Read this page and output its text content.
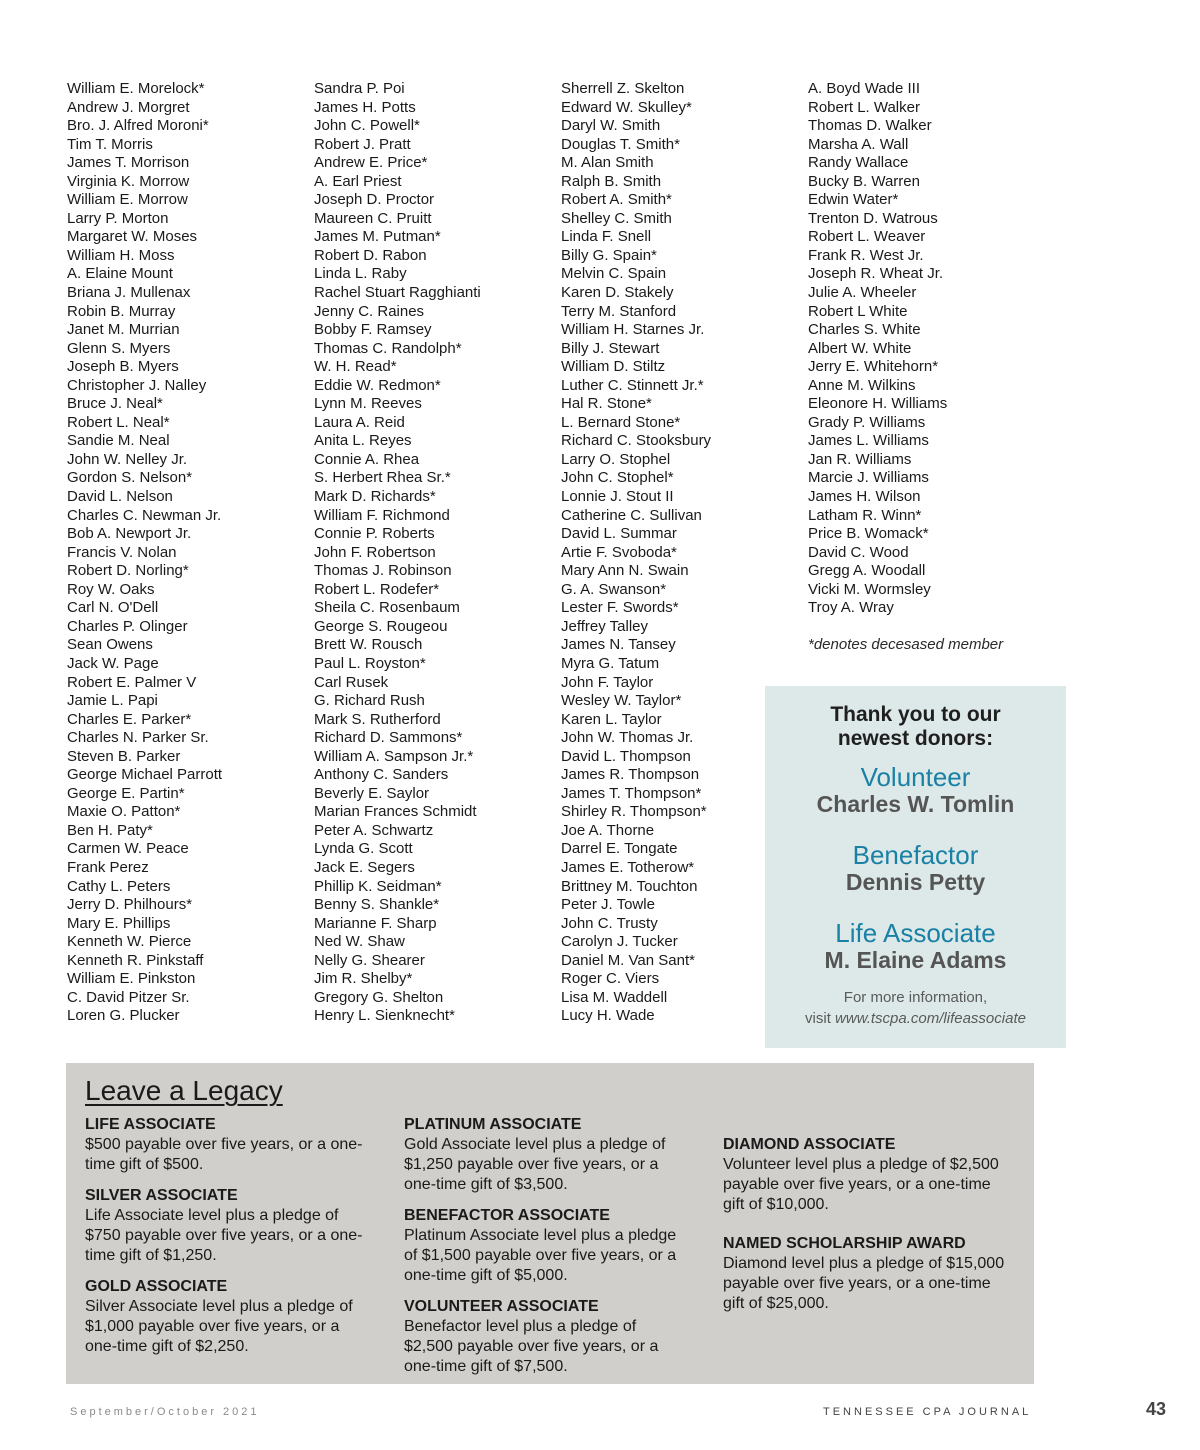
William E. Morelock*
Andrew J. Morgret
Bro. J. Alfred Moroni*
Tim T. Morris
James T. Morrison
Virginia K. Morrow
William E. Morrow
Larry P. Morton
Margaret W. Moses
William H. Moss
A. Elaine Mount
Briana J. Mullenax
Robin B. Murray
Janet M. Murrian
Glenn S. Myers
Joseph B. Myers
Christopher J. Nalley
Bruce J. Neal*
Robert L. Neal*
Sandie M. Neal
John W. Nelley Jr.
Gordon S. Nelson*
David L. Nelson
Charles C. Newman Jr.
Bob A. Newport Jr.
Francis V. Nolan
Robert D. Norling*
Roy W. Oaks
Carl N. O'Dell
Charles P. Olinger
Sean Owens
Jack W. Page
Robert E. Palmer V
Jamie L. Papi
Charles E. Parker*
Charles N. Parker Sr.
Steven B. Parker
George Michael Parrott
George E. Partin*
Maxie O. Patton*
Ben H. Paty*
Carmen W. Peace
Frank Perez
Cathy L. Peters
Jerry D. Philhours*
Mary E. Phillips
Kenneth W. Pierce
Kenneth R. Pinkstaff
William E. Pinkston
C. David Pitzer Sr.
Loren G. Plucker
Sandra P. Poi
James H. Potts
John C. Powell*
Robert J. Pratt
Andrew E. Price*
A. Earl Priest
Joseph D. Proctor
Maureen C. Pruitt
James M. Putman*
Robert D. Rabon
Linda L. Raby
Rachel Stuart Ragghianti
Jenny C. Raines
Bobby F. Ramsey
Thomas C. Randolph*
W. H. Read*
Eddie W. Redmon*
Lynn M. Reeves
Laura A. Reid
Anita L. Reyes
Connie A. Rhea
S. Herbert Rhea Sr.*
Mark D. Richards*
William F. Richmond
Connie P. Roberts
John F. Robertson
Thomas J. Robinson
Robert L. Rodefer*
Sheila C. Rosenbaum
George S. Rougeou
Brett W. Rousch
Paul L. Royston*
Carl Rusek
G. Richard Rush
Mark S. Rutherford
Richard D. Sammons*
William A. Sampson Jr.*
Anthony C. Sanders
Beverly E. Saylor
Marian Frances Schmidt
Peter A. Schwartz
Lynda G. Scott
Jack E. Segers
Phillip K. Seidman*
Benny S. Shankle*
Marianne F. Sharp
Ned W. Shaw
Nelly G. Shearer
Jim R. Shelby*
Gregory G. Shelton
Henry L. Sienknecht*
Sherrell Z. Skelton
Edward W. Skulley*
Daryl W. Smith
Douglas T. Smith*
M. Alan Smith
Ralph B. Smith
Robert A. Smith*
Shelley C. Smith
Linda F. Snell
Billy G. Spain*
Melvin C. Spain
Karen D. Stakely
Terry M. Stanford
William H. Starnes Jr.
Billy J. Stewart
William D. Stiltz
Luther C. Stinnett Jr.*
Hal R. Stone*
L. Bernard Stone*
Richard C. Stooksbury
Larry O. Stophel
John C. Stophel*
Lonnie J. Stout II
Catherine C. Sullivan
David L. Summar
Artie F. Svoboda*
Mary Ann N. Swain
G. A. Swanson*
Lester F. Swords*
Jeffrey Talley
James N. Tansey
Myra G. Tatum
John F. Taylor
Wesley W. Taylor*
Karen L. Taylor
John W. Thomas Jr.
David L. Thompson
James R. Thompson
James T. Thompson*
Shirley R. Thompson*
Joe A. Thorne
Darrel E. Tongate
James E. Totherow*
Brittney M. Touchton
Peter J. Towle
John C. Trusty
Carolyn J. Tucker
Daniel M. Van Sant*
Roger C. Viers
Lisa M. Waddell
Lucy H. Wade
A. Boyd Wade III
Robert L. Walker
Thomas D. Walker
Marsha A. Wall
Randy Wallace
Bucky B. Warren
Edwin Water*
Trenton D. Watrous
Robert L. Weaver
Frank R. West Jr.
Joseph R. Wheat Jr.
Julie A. Wheeler
Robert L White
Charles S. White
Albert W. White
Jerry E. Whitehorn*
Anne M. Wilkins
Eleonore H. Williams
Grady P. Williams
James L. Williams
Jan R. Williams
Marcie J. Williams
James H. Wilson
Latham R. Winn*
Price B. Womack*
David C. Wood
Gregg A. Woodall
Vicki M. Wormsley
Troy A. Wray
*denotes decesased member
Thank you to our
newest donors:
Volunteer
Charles W. Tomlin
Benefactor
Dennis Petty
Life Associate
M. Elaine Adams
For more information,
visit www.tscpa.com/lifeassociate
Leave a Legacy
LIFE ASSOCIATE
$500 payable over five years, or a one-
time gift of $500.
SILVER ASSOCIATE
Life Associate level plus a pledge of
$750 payable over five years, or a one-
time gift of $1,250.
GOLD ASSOCIATE
Silver Associate level plus a pledge of
$1,000 payable over five years, or a
one-time gift of $2,250.
PLATINUM ASSOCIATE
Gold Associate level plus a pledge of
$1,250 payable over five years, or a
one-time gift of $3,500.
BENEFACTOR ASSOCIATE
Platinum Associate level plus a pledge
of $1,500 payable over five years, or a
one-time gift of $5,000.
VOLUNTEER ASSOCIATE
Benefactor level plus a pledge of
$2,500 payable over five years, or a
one-time gift of $7,500.
DIAMOND ASSOCIATE
Volunteer level plus a pledge of $2,500
payable over five years, or a one-time
gift of $10,000.
NAMED SCHOLARSHIP AWARD
Diamond level plus a pledge of $15,000
payable over five years, or a one-time
gift of $25,000.
September/October 2021	TENNESSEE CPA JOURNAL	43
